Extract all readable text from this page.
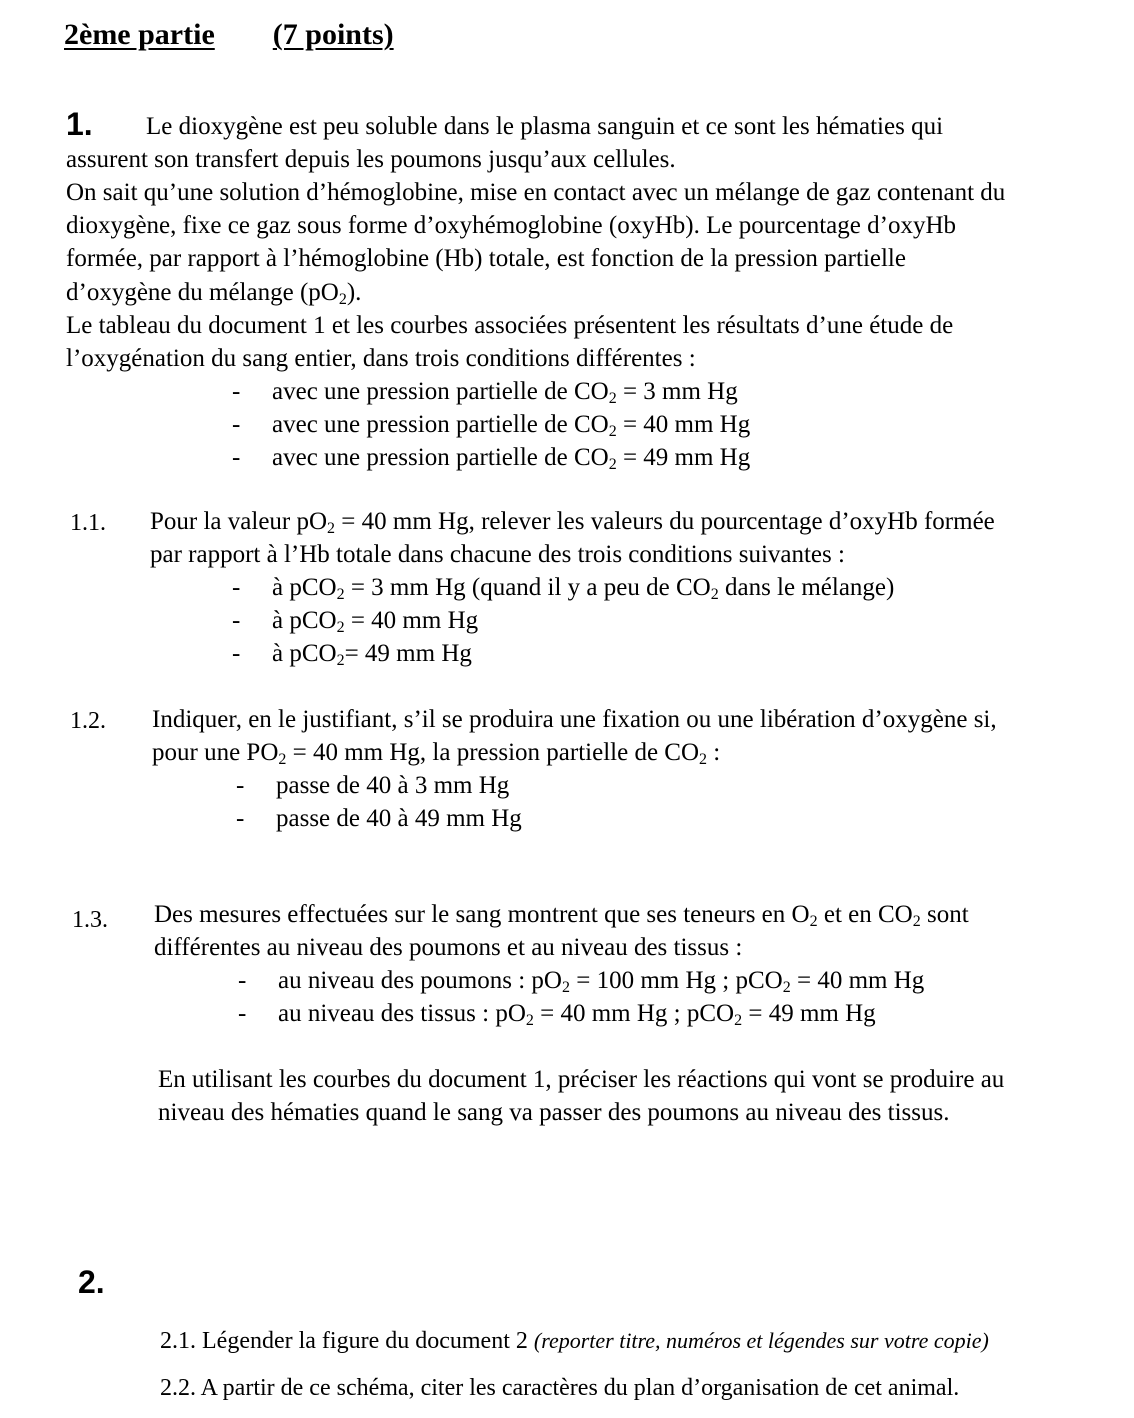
2ème partie (7 points)
1. Le dioxygène est peu soluble dans le plasma sanguin et ce sont les hématies qui
assurent son transfert depuis les poumons jusqu’aux cellules.
On sait qu’une solution d’hémoglobine, mise en contact avec un mélange de gaz contenant du
dioxygène, fixe ce gaz sous forme d’oxyhémoglobine (oxyHb). Le pourcentage d’oxyHb
formée, par rapport à l’hémoglobine (Hb) totale, est fonction de la pression partielle
d’oxygène du mélange $(pO_2)$.
Le tableau du document 1 et les courbes associées présentent les résultats d’une étude de
l’oxygénation du sang entier, dans trois conditions différentes :
- avec une pression partielle de $CO_2 = 3$ mm Hg
- avec une pression partielle de $CO_2 = 40$ mm Hg
- avec une pression partielle de $CO_2 = 49$ mm Hg
1.1. Pour la valeur $pO_2 = 40$ mm Hg, relever les valeurs du pourcentage d’oxyHb formée
par rapport à l’Hb totale dans chacune des trois conditions suivantes :
- à pCO$_2$ = 3 mm Hg (quand il y a peu de $CO_2$ dans le mélange)
- à pCO$_2$ = 40 mm Hg
- à pCO$_2$= 49 mm Hg
1.2. Indiquer, en le justifiant, s’il se produira une fixation ou une libération d’oxygène si,
pour une $PO_2 = 40$ mm Hg, la pression partielle de $CO_2$ :
- passe de 40 à 3 mm Hg
- passe de 40 à 49 mm Hg
1.3. Des mesures effectuées sur le sang montrent que ses teneurs en $O_2$ et en $CO_2$ sont
différentes au niveau des poumons et au niveau des tissus :
- au niveau des poumons : $pO_2 = 100$ mm Hg ; pCO$_2$ = 40 mm Hg
- au niveau des tissus : $pO_2 = 40$ mm Hg ; pCO$_2$ = 49 mm Hg
En utilisant les courbes du document 1, préciser les réactions qui vont se produire au
niveau des hématies quand le sang va passer des poumons au niveau des tissus.
2.
2.1. Légender la figure du document 2 (reporter titre, numéros et légendes sur votre copie)
2.2. A partir de ce schéma, citer les caractères du plan d’organisation de cet animal.
